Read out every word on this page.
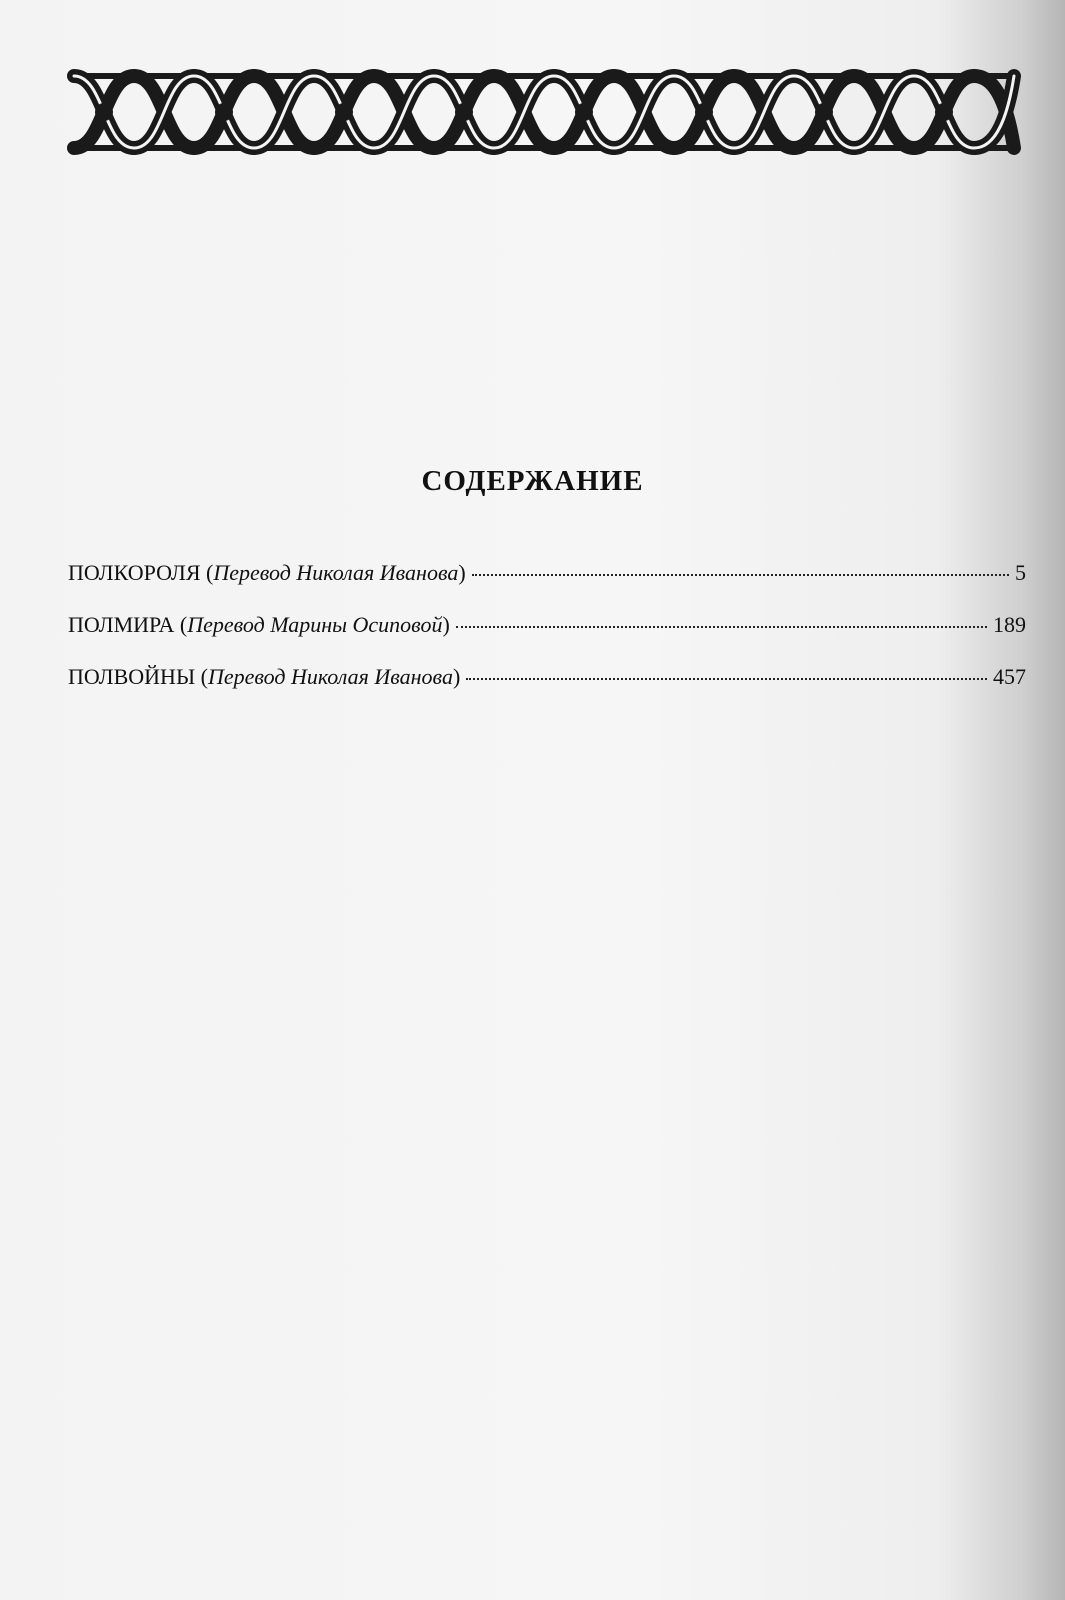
СОДЕРЖАНИЕ
ПОЛКОРОЛЯ (Перевод Николая Иванова)	5
ПОЛМИРА (Перевод Марины Осиповой)	189
ПОЛВОЙНЫ (Перевод Николая Иванова)	457
